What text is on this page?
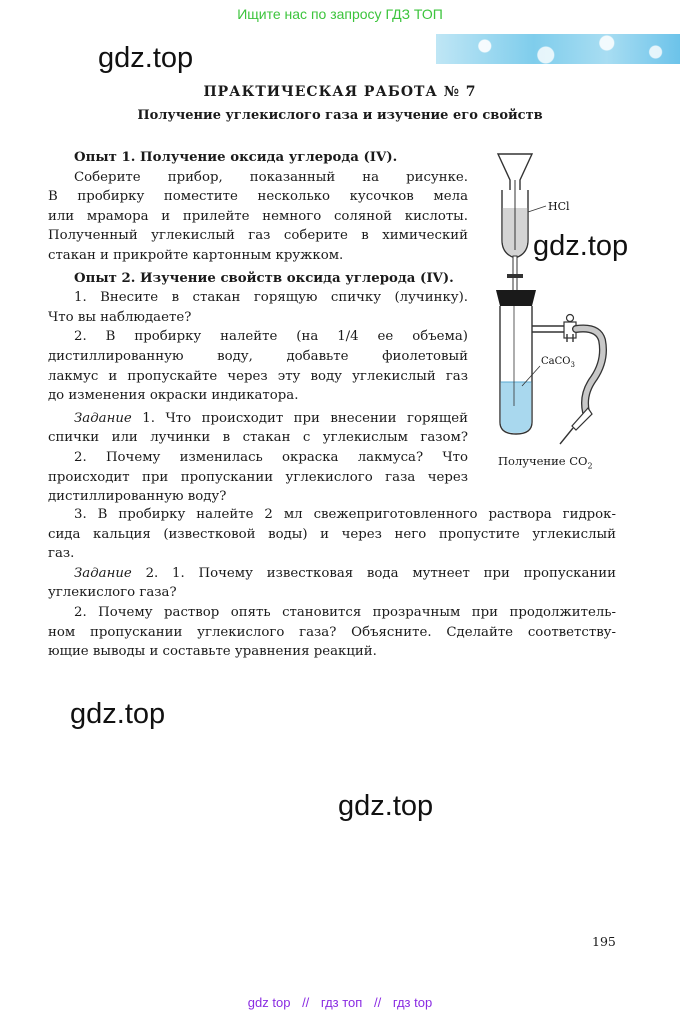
Ищите нас по запросу ГДЗ ТОП
gdz.top
gdz.top
gdz.top
gdz.top
ПРАКТИЧЕСКАЯ РАБОТА № 7
Получение углекислого газа и изучение его свойств
Опыт 1. Получение оксида углерода (IV).
Соберите прибор, показанный на рисунке.
В пробирку поместите несколько кусочков мела
или мрамора и прилейте немного соляной кислоты.
Полученный углекислый газ соберите в химический
стакан и прикройте картонным кружком.
Опыт 2. Изучение свойств оксида углерода (IV).
1. Внесите в стакан горящую спичку (лучинку).
Что вы наблюдаете?
2. В пробирку налейте (на 1/4 ее объема)
дистиллированную воду, добавьте фиолетовый
лакмус и пропускайте через эту воду углекислый газ
до изменения окраски индикатора.
Задание 1. Что происходит при внесении горящей
спички или лучинки в стакан с углекислым газом?
2. Почему изменилась окраска лакмуса? Что
происходит при пропускании углекислого газа через
дистиллированную воду?
3. В пробирку налейте 2 мл свежеприготовленного раствора гидрок-
сида кальция (известковой воды) и через него пропустите углекислый
газ.
Задание 2. 1. Почему известковая вода мутнеет при пропускании
углекислого газа?
2. Почему раствор опять становится прозрачным при продолжитель-
ном пропускании углекислого газа? Объясните. Сделайте соответству-
ющие выводы и составьте уравнения реакций.
HCl
CaCO$_3$
Получение $CO_2$
195
gdz top // гдз топ // гдз top
